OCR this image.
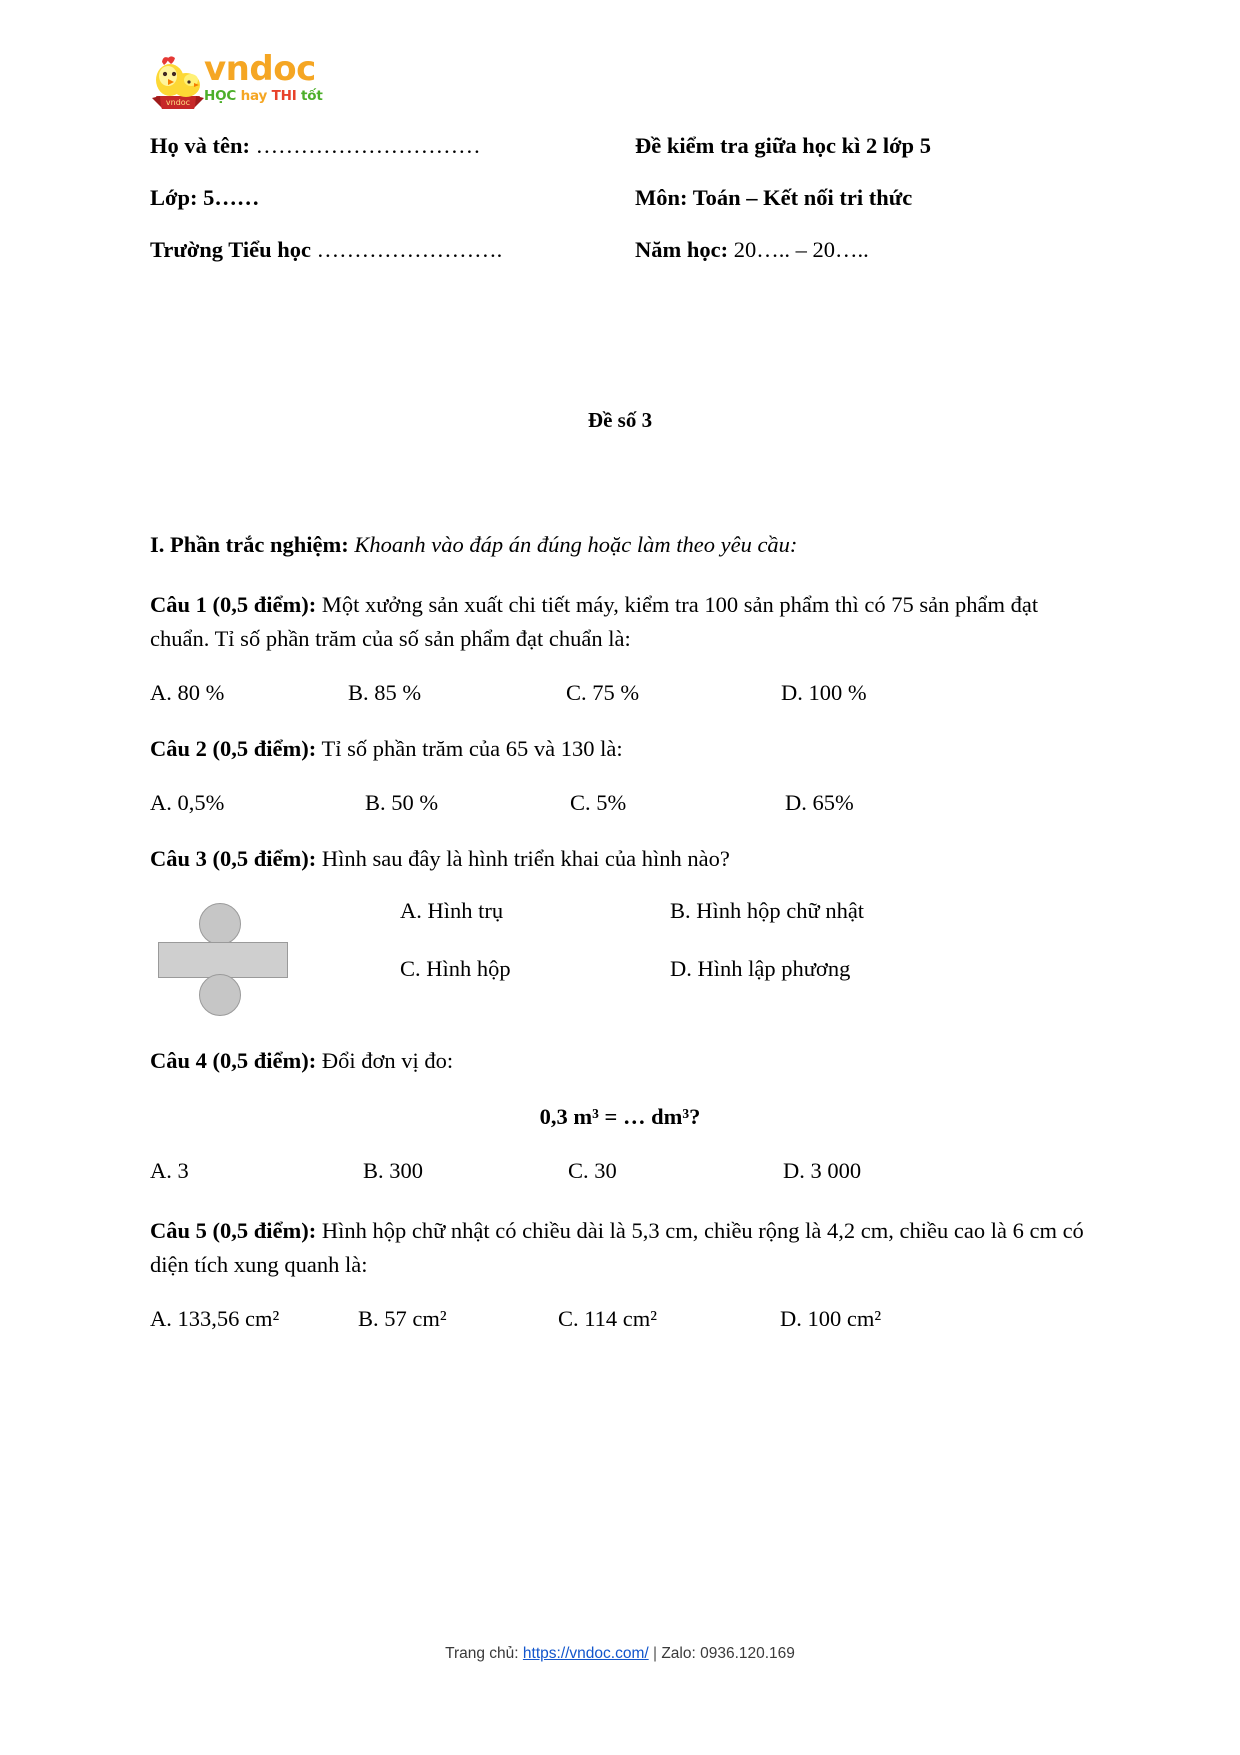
vndoc
vndoc
HỌC hay THI tốt
Họ và tên: …………………………	Đề kiểm tra giữa học kì 2 lớp 5
Lớp: 5……	Môn: Toán – Kết nối tri thức
Trường Tiểu học …………………….	Năm học: 20….. – 20…..
Đề số 3
I. Phần trắc nghiệm: Khoanh vào đáp án đúng hoặc làm theo yêu cầu:
Câu 1 (0,5 điểm): Một xưởng sản xuất chi tiết máy, kiểm tra 100 sản phẩm thì có 75 sản phẩm đạt chuẩn. Tỉ số phần trăm của số sản phẩm đạt chuẩn là:
A. 80 %	B. 85 %	C. 75 %	D. 100 %
Câu 2 (0,5 điểm): Tỉ số phần trăm của 65 và 130 là:
A. 0,5%	B. 50 %	C. 5%	D. 65%
Câu 3 (0,5 điểm): Hình sau đây là hình triển khai của hình nào?
A. Hình trụ	B. Hình hộp chữ nhật
C. Hình hộp	D. Hình lập phương
Câu 4 (0,5 điểm): Đổi đơn vị đo:
0,3 m³ = … dm³?
A. 3	B. 300	C. 30	D. 3 000
Câu 5 (0,5 điểm): Hình hộp chữ nhật có chiều dài là 5,3 cm, chiều rộng là 4,2 cm, chiều cao là 6 cm có diện tích xung quanh là:
A. 133,56 cm²	B. 57 cm²	C. 114 cm²	D. 100 cm²
Trang chủ: https://vndoc.com/ | Zalo: 0936.120.169
